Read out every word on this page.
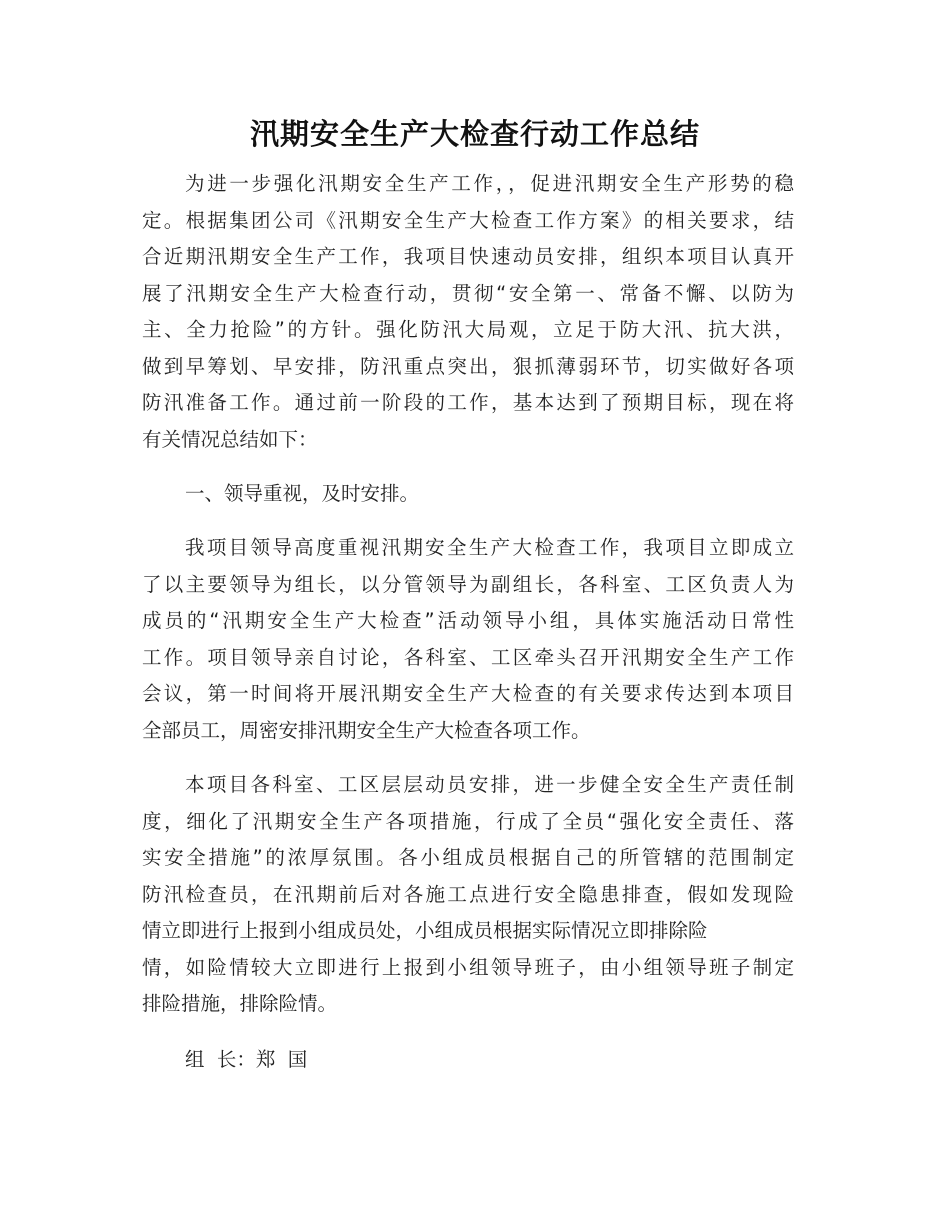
汛期安全生产大检查行动工作总结
为进一步强化汛期安全生产工作，，促进汛期安全生产形势的稳
定。根据集团公司《汛期安全生产大检查工作方案》的相关要求，结
合近期汛期安全生产工作，我项目快速动员安排，组织本项目认真开
展了汛期安全生产大检查行动，贯彻“安全第一、常备不懈、以防为
主、全力抢险”的方针。强化防汛大局观，立足于防大汛、抗大洪，
做到早筹划、早安排，防汛重点突出，狠抓薄弱环节，切实做好各项
防汛准备工作。通过前一阶段的工作，基本达到了预期目标，现在将
有关情况总结如下：
一、领导重视，及时安排。
我项目领导高度重视汛期安全生产大检查工作，我项目立即成立
了以主要领导为组长，以分管领导为副组长，各科室、工区负责人为
成员的“汛期安全生产大检查”活动领导小组，具体实施活动日常性
工作。项目领导亲自讨论，各科室、工区牵头召开汛期安全生产工作
会议，第一时间将开展汛期安全生产大检查的有关要求传达到本项目
全部员工，周密安排汛期安全生产大检查各项工作。
本项目各科室、工区层层动员安排，进一步健全安全生产责任制
度，细化了汛期安全生产各项措施，行成了全员“强化安全责任、落
实安全措施”的浓厚氛围。各小组成员根据自己的所管辖的范围制定
防汛检查员，在汛期前后对各施工点进行安全隐患排查，假如发现险
情立即进行上报到小组成员处，小组成员根据实际情况立即排除险
情，如险情较大立即进行上报到小组领导班子，由小组领导班子制定
排险措施，排除险情。
组  长：郑  国
